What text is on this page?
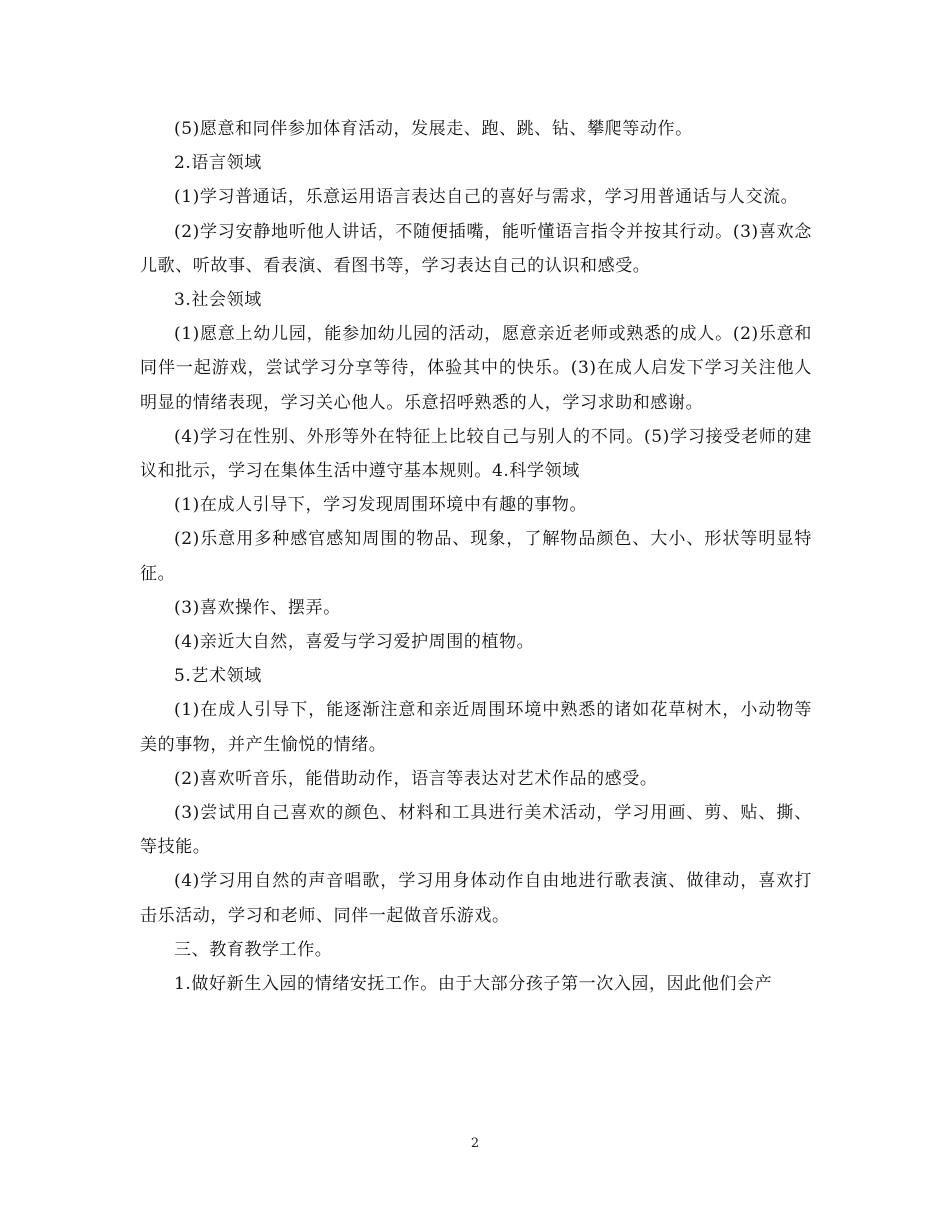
(5)愿意和同伴参加体育活动，发展走、跑、跳、钻、攀爬等动作。

2.语言领域

(1)学习普通话，乐意运用语言表达自己的喜好与需求，学习用普通话与人交流。

(2)学习安静地听他人讲话，不随便插嘴，能听懂语言指令并按其行动。(3)喜欢念儿歌、听故事、看表演、看图书等，学习表达自己的认识和感受。

3.社会领域

(1)愿意上幼儿园，能参加幼儿园的活动，愿意亲近老师或熟悉的成人。(2)乐意和同伴一起游戏，尝试学习分享等待，体验其中的快乐。(3)在成人启发下学习关注他人明显的情绪表现，学习关心他人。乐意招呼熟悉的人，学习求助和感谢。

(4)学习在性别、外形等外在特征上比较自己与别人的不同。(5)学习接受老师的建议和批示，学习在集体生活中遵守基本规则。4.科学领域

(1)在成人引导下，学习发现周围环境中有趣的事物。

(2)乐意用多种感官感知周围的物品、现象，了解物品颜色、大小、形状等明显特征。

(3)喜欢操作、摆弄。

(4)亲近大自然，喜爱与学习爱护周围的植物。

5.艺术领域

(1)在成人引导下，能逐渐注意和亲近周围环境中熟悉的诸如花草树木，小动物等美的事物，并产生愉悦的情绪。

(2)喜欢听音乐，能借助动作，语言等表达对艺术作品的感受。

(3)尝试用自己喜欢的颜色、材料和工具进行美术活动，学习用画、剪、贴、撕、等技能。

(4)学习用自然的声音唱歌，学习用身体动作自由地进行歌表演、做律动，喜欢打击乐活动，学习和老师、同伴一起做音乐游戏。

三、教育教学工作。

1.做好新生入园的情绪安抚工作。由于大部分孩子第一次入园，因此他们会产

2
